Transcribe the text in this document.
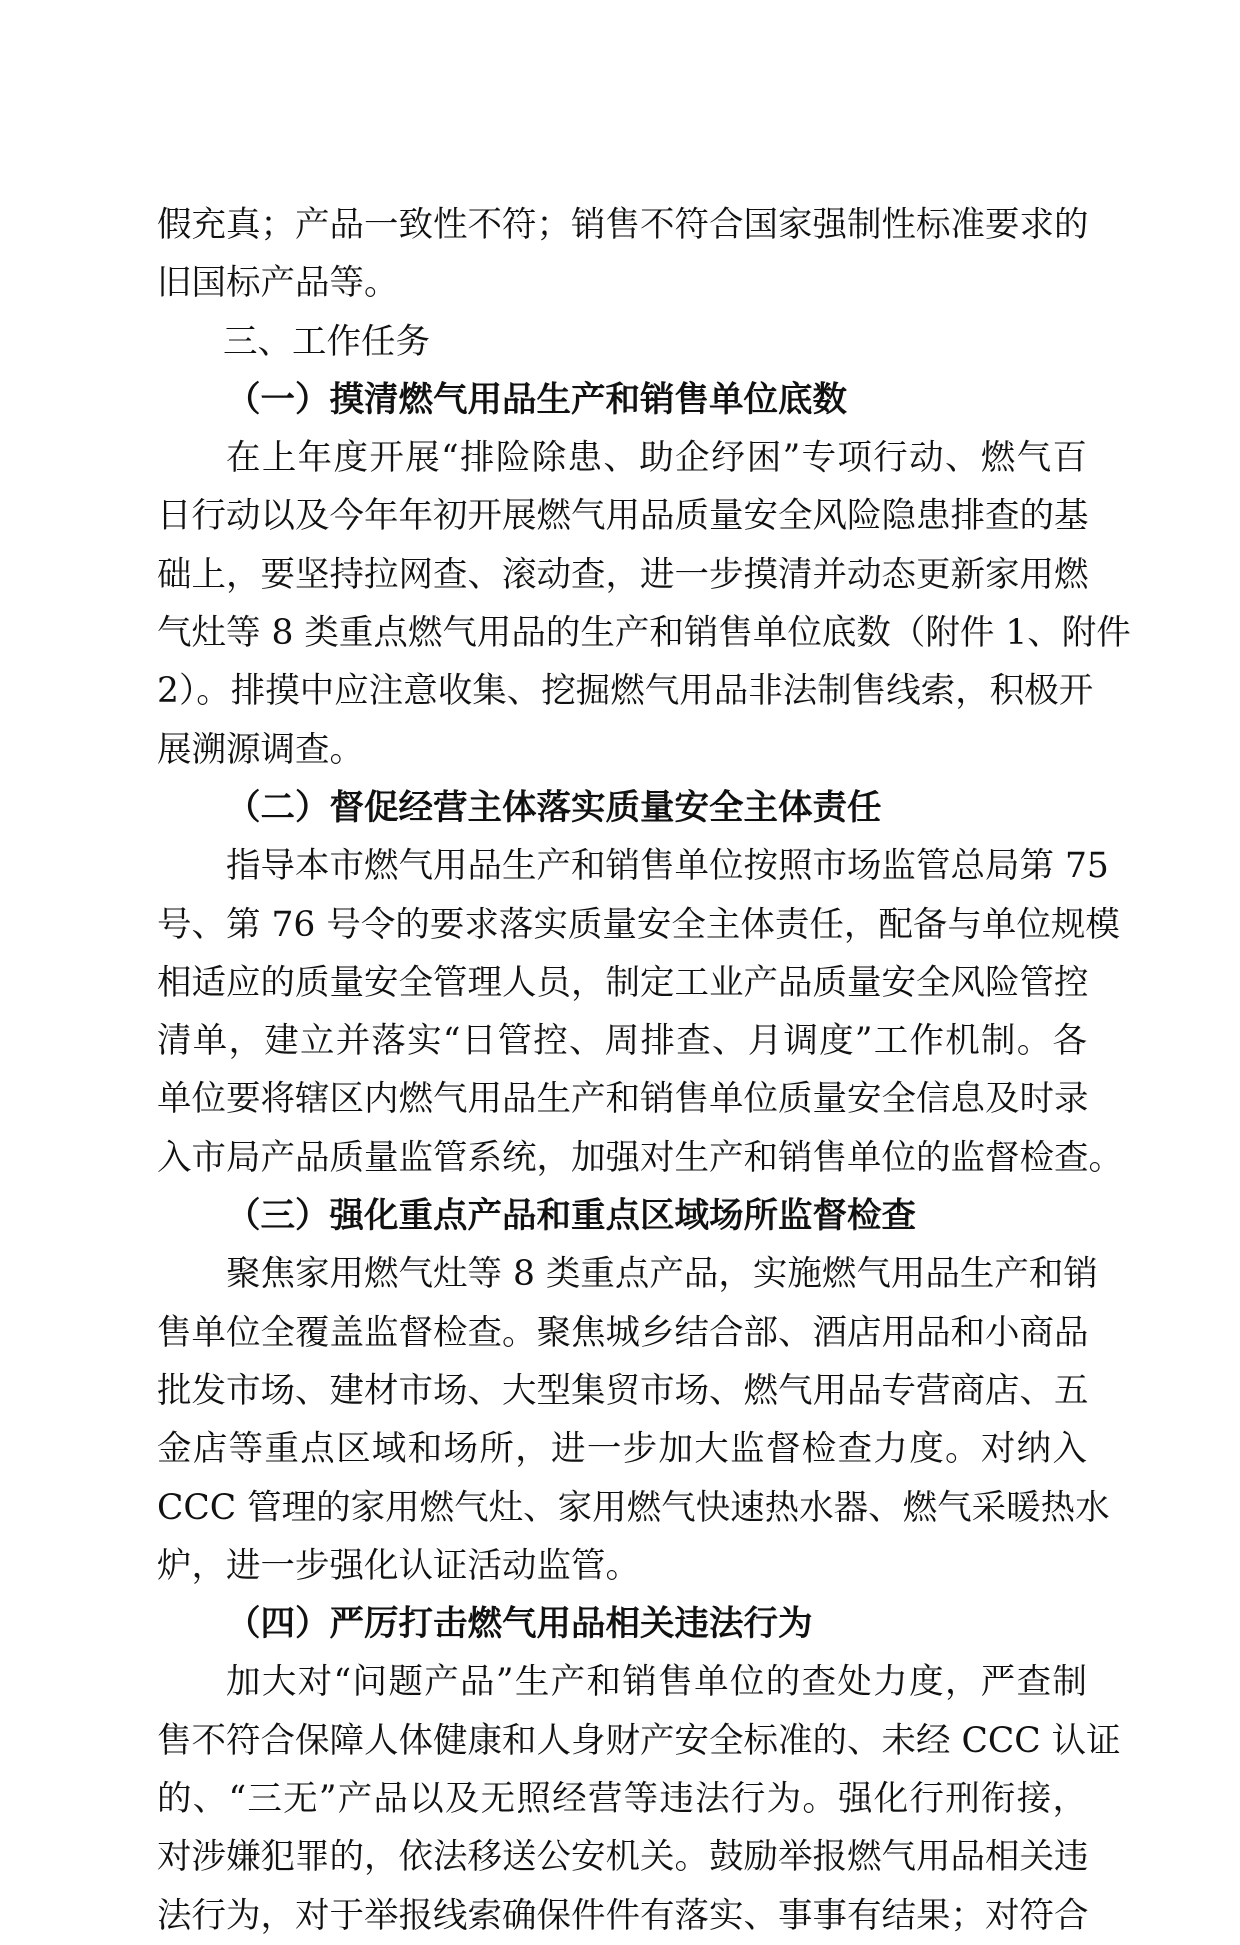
假充真；产品一致性不符；销售不符合国家强制性标准要求的
旧国标产品等。
三、工作任务
（一）摸清燃气用品生产和销售单位底数
在上年度开展“排险除患、助企纾困”专项行动、燃气百
日行动以及今年年初开展燃气用品质量安全风险隐患排查的基
础上，要坚持拉网查、滚动查，进一步摸清并动态更新家用燃
气灶等 8 类重点燃气用品的生产和销售单位底数（附件 1、附件
2）。排摸中应注意收集、挖掘燃气用品非法制售线索，积极开
展溯源调查。
（二）督促经营主体落实质量安全主体责任
指导本市燃气用品生产和销售单位按照市场监管总局第 75
号、第 76 号令的要求落实质量安全主体责任，配备与单位规模
相适应的质量安全管理人员，制定工业产品质量安全风险管控
清单，建立并落实“日管控、周排查、月调度”工作机制。各
单位要将辖区内燃气用品生产和销售单位质量安全信息及时录
入市局产品质量监管系统，加强对生产和销售单位的监督检查。
（三）强化重点产品和重点区域场所监督检查
聚焦家用燃气灶等 8 类重点产品，实施燃气用品生产和销
售单位全覆盖监督检查。聚焦城乡结合部、酒店用品和小商品
批发市场、建材市场、大型集贸市场、燃气用品专营商店、五
金店等重点区域和场所，进一步加大监督检查力度。对纳入
CCC 管理的家用燃气灶、家用燃气快速热水器、燃气采暖热水
炉，进一步强化认证活动监管。
（四）严厉打击燃气用品相关违法行为
加大对“问题产品”生产和销售单位的查处力度，严查制
售不符合保障人体健康和人身财产安全标准的、未经 CCC 认证
的、“三无”产品以及无照经营等违法行为。强化行刑衔接，
对涉嫌犯罪的，依法移送公安机关。鼓励举报燃气用品相关违
法行为，对于举报线索确保件件有落实、事事有结果；对符合
